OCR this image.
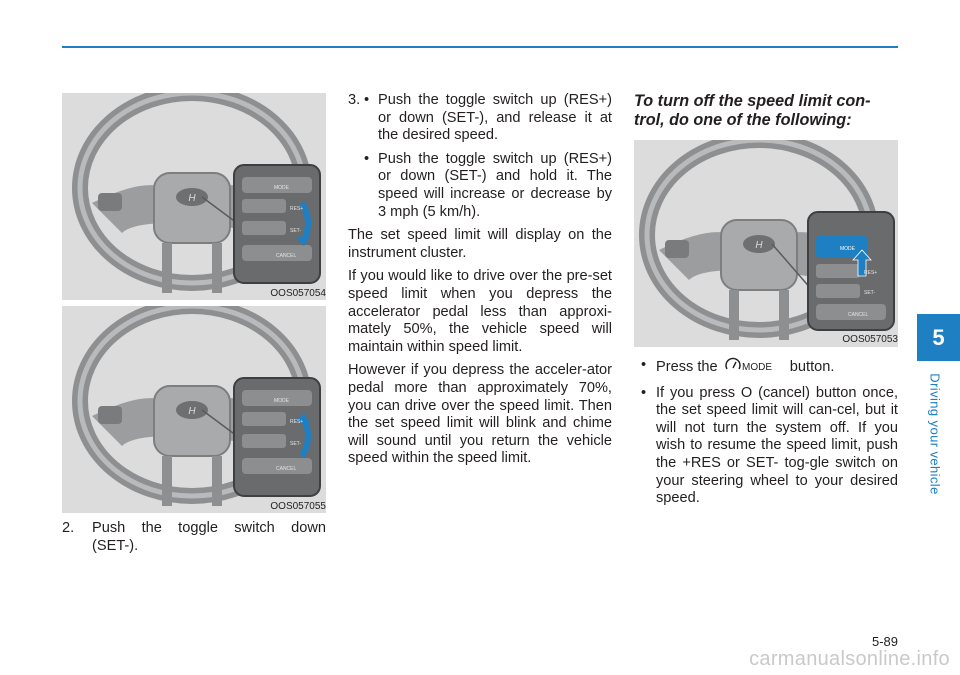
H
MODE
RES+
SET-
CANCEL
OOS057054
H
MODE
RES+
SET-
CANCEL
OOS057055
H	MODE
RES+
SET-
CANCEL
OOS057053
2. Push the toggle switch down (SET-).
3. • Push the toggle switch up (RES+) or down (SET-), and release it at the desired speed.
• Push the toggle switch up (RES+) or down (SET-) and hold it. The speed will increase or decrease by 3 mph (5 km/h).

The set speed limit will display on the instrument cluster.

If you would like to drive over the pre-set speed limit when you depress the accelerator pedal less than approxi-mately 50%, the vehicle speed will maintain within speed limit.

However if you depress the acceler-ator pedal more than approximately 70%, you can drive over the speed limit. Then the set speed limit will blink and chime will sound until you return the vehicle speed within the speed limit.

To turn off the speed limit con-
trol, do one of the following:
• Press the MODE button.
• If you press O (cancel) button once, the set speed limit will can-cel, but it will not turn the system off. If you wish to resume the speed limit, push the +RES or SET- tog-gle switch on your steering wheel to your desired speed.
5
Driving your vehicle
5-89
carmanualsonline.info
